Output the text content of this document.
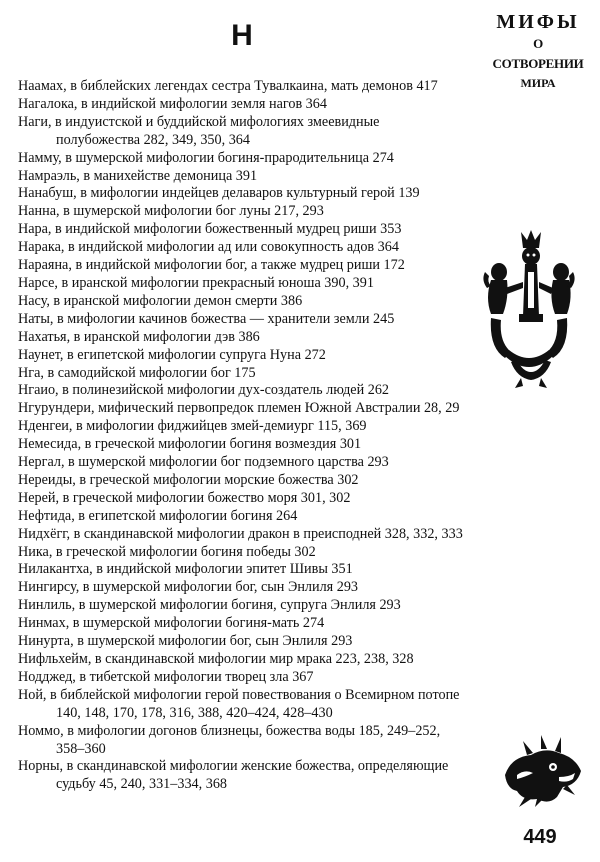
Н	МИФЫ
О СОТВОРЕНИИ
МИРА
Наамах, в библейских легендах сестра Тувалкаина, мать демонов 417
Нагалока, в индийской мифологии земля нагов 364
Наги, в индуистской и буддийской мифологиях змеевидные полубожества 282, 349, 350, 364
Намму, в шумерской мифологии богиня-прародительница 274
Намраэль, в манихействе демоница 391
Нанабуш, в мифологии индейцев делаваров культурный герой 139
Нанна, в шумерской мифологии бог луны 217, 293
Нара, в индийской мифологии божественный мудрец риши 353
Нарака, в индийской мифологии ад или совокупность адов 364
Нараяна, в индийской мифологии бог, а также мудрец риши 172
Нарсе, в иранской мифологии прекрасный юноша 390, 391
Насу, в иранской мифологии демон смерти 386
Наты, в мифологии качинов божества — хранители земли 245
Нахатья, в иранской мифологии дэв 386
Наунет, в египетской мифологии супруга Нуна 272
Нга, в самодийской мифологии бог 175
Нгаио, в полинезийской мифологии дух-создатель людей 262
Нгурундери, мифический первопредок племен Южной Австралии 28, 29
Нденгеи, в мифологии фиджийцев змей-демиург 115, 369
Немесида, в греческой мифологии богиня возмездия 301
Нергал, в шумерской мифологии бог подземного царства 293
Нереиды, в греческой мифологии морские божества 302
Нерей, в греческой мифологии божество моря 301, 302
Нефтида, в египетской мифологии богиня 264
Нидхёгг, в скандинавской мифологии дракон в преисподней 328, 332, 333
Ника, в греческой мифологии богиня победы 302
Нилакантха, в индийской мифологии эпитет Шивы 351
Нингирсу, в шумерской мифологии бог, сын Энлиля 293
Нинлиль, в шумерской мифологии богиня, супруга Энлиля 293
Нинмах, в шумерской мифологии богиня-мать 274
Нинурта, в шумерской мифологии бог, сын Энлиля 293
Нифльхейм, в скандинавской мифологии мир мрака 223, 238, 328
Нодджед, в тибетской мифологии творец зла 367
Ной, в библейской мифологии герой повествования о Всемирном потопе 140, 148, 170, 178, 316, 388, 420–424, 428–430
Номмо, в мифологии догонов близнецы, божества воды 185, 249–252, 358–360
Норны, в скандинавской мифологии женские божества, определяющие судьбу 45, 240, 331–334, 368
449
